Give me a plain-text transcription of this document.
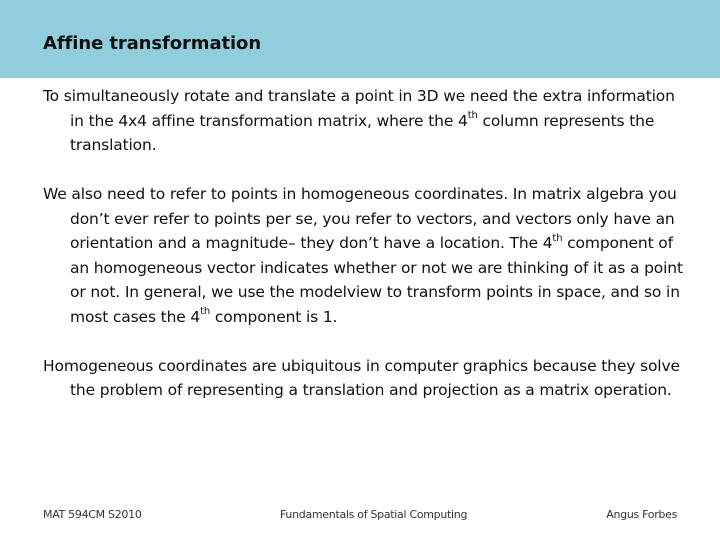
Affine transformation

To simultaneously rotate and translate a point in 3D we need the extra information in the 4x4 affine transformation matrix, where the 4th column represents the translation.

We also need to refer to points in homogeneous coordinates. In matrix algebra you don’t ever refer to points per se, you refer to vectors, and vectors only have an orientation and a magnitude– they don’t have a location. The 4th component of an homogeneous vector indicates whether or not we are thinking of it as a point or not. In general, we use the modelview to transform points in space, and so in most cases the 4th component is 1.

Homogeneous coordinates are ubiquitous in computer graphics because they solve the problem of representing a translation and projection as a matrix operation.

MAT 594CM S2010	Fundamentals of Spatial Computing	Angus Forbes
